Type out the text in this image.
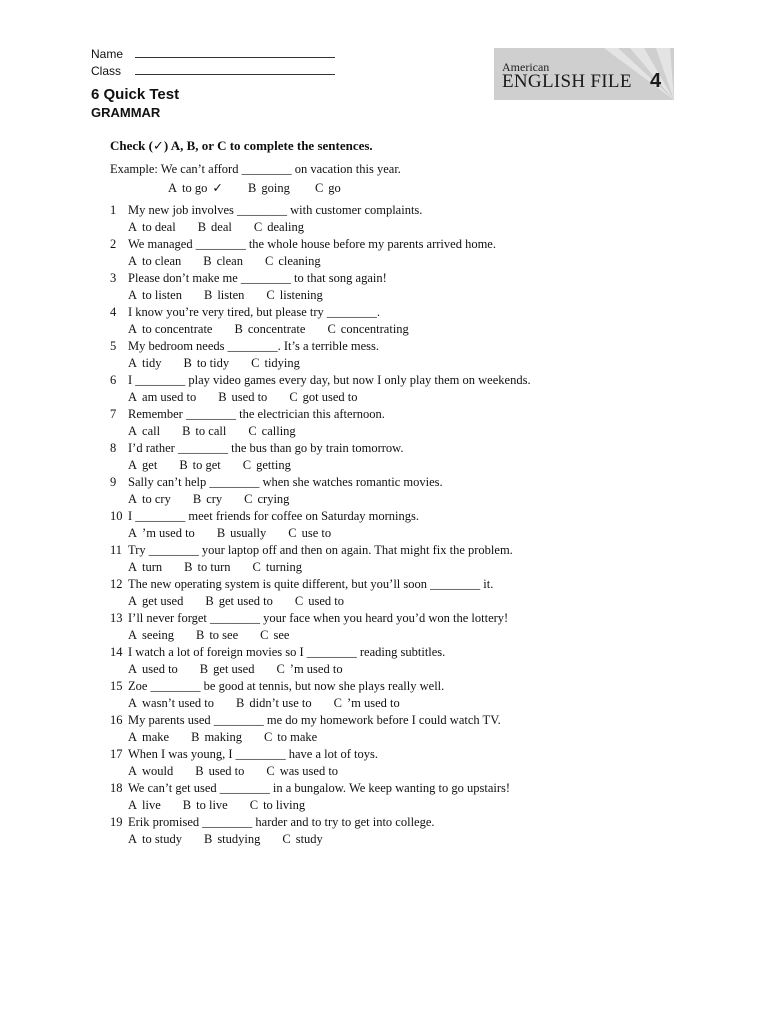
Name
Class
6 Quick Test
GRAMMAR
American
ENGLISH FILE 4
Check (✓) A, B, or C to complete the sentences.
Example: We can’t afford ________ on vacation this year.
A to go ✓ B going C go
1 My new job involves ________ with customer complaints.
A to deal B deal C dealing
2 We managed ________ the whole house before my parents arrived home.
A to clean B clean C cleaning
3 Please don’t make me ________ to that song again!
A to listen B listen C listening
4 I know you’re very tired, but please try ________.
A to concentrate B concentrate C concentrating
5 My bedroom needs ________. It’s a terrible mess.
A tidy B to tidy C tidying
6 I ________ play video games every day, but now I only play them on weekends.
A am used to B used to C got used to
7 Remember ________ the electrician this afternoon.
A call B to call C calling
8 I’d rather ________ the bus than go by train tomorrow.
A get B to get C getting
9 Sally can’t help ________ when she watches romantic movies.
A to cry B cry C crying
10 I ________ meet friends for coffee on Saturday mornings.
A ’m used to B usually C use to
11 Try ________ your laptop off and then on again. That might fix the problem.
A turn B to turn C turning
12 The new operating system is quite different, but you’ll soon ________ it.
A get used B get used to C used to
13 I’ll never forget ________ your face when you heard you’d won the lottery!
A seeing B to see C see
14 I watch a lot of foreign movies so I ________ reading subtitles.
A used to B get used C ’m used to
15 Zoe ________ be good at tennis, but now she plays really well.
A wasn’t used to B didn’t use to C ’m used to
16 My parents used ________ me do my homework before I could watch TV.
A make B making C to make
17 When I was young, I ________ have a lot of toys.
A would B used to C was used to
18 We can’t get used ________ in a bungalow. We keep wanting to go upstairs!
A live B to live C to living
19 Erik promised ________ harder and to try to get into college.
A to study B studying C study
